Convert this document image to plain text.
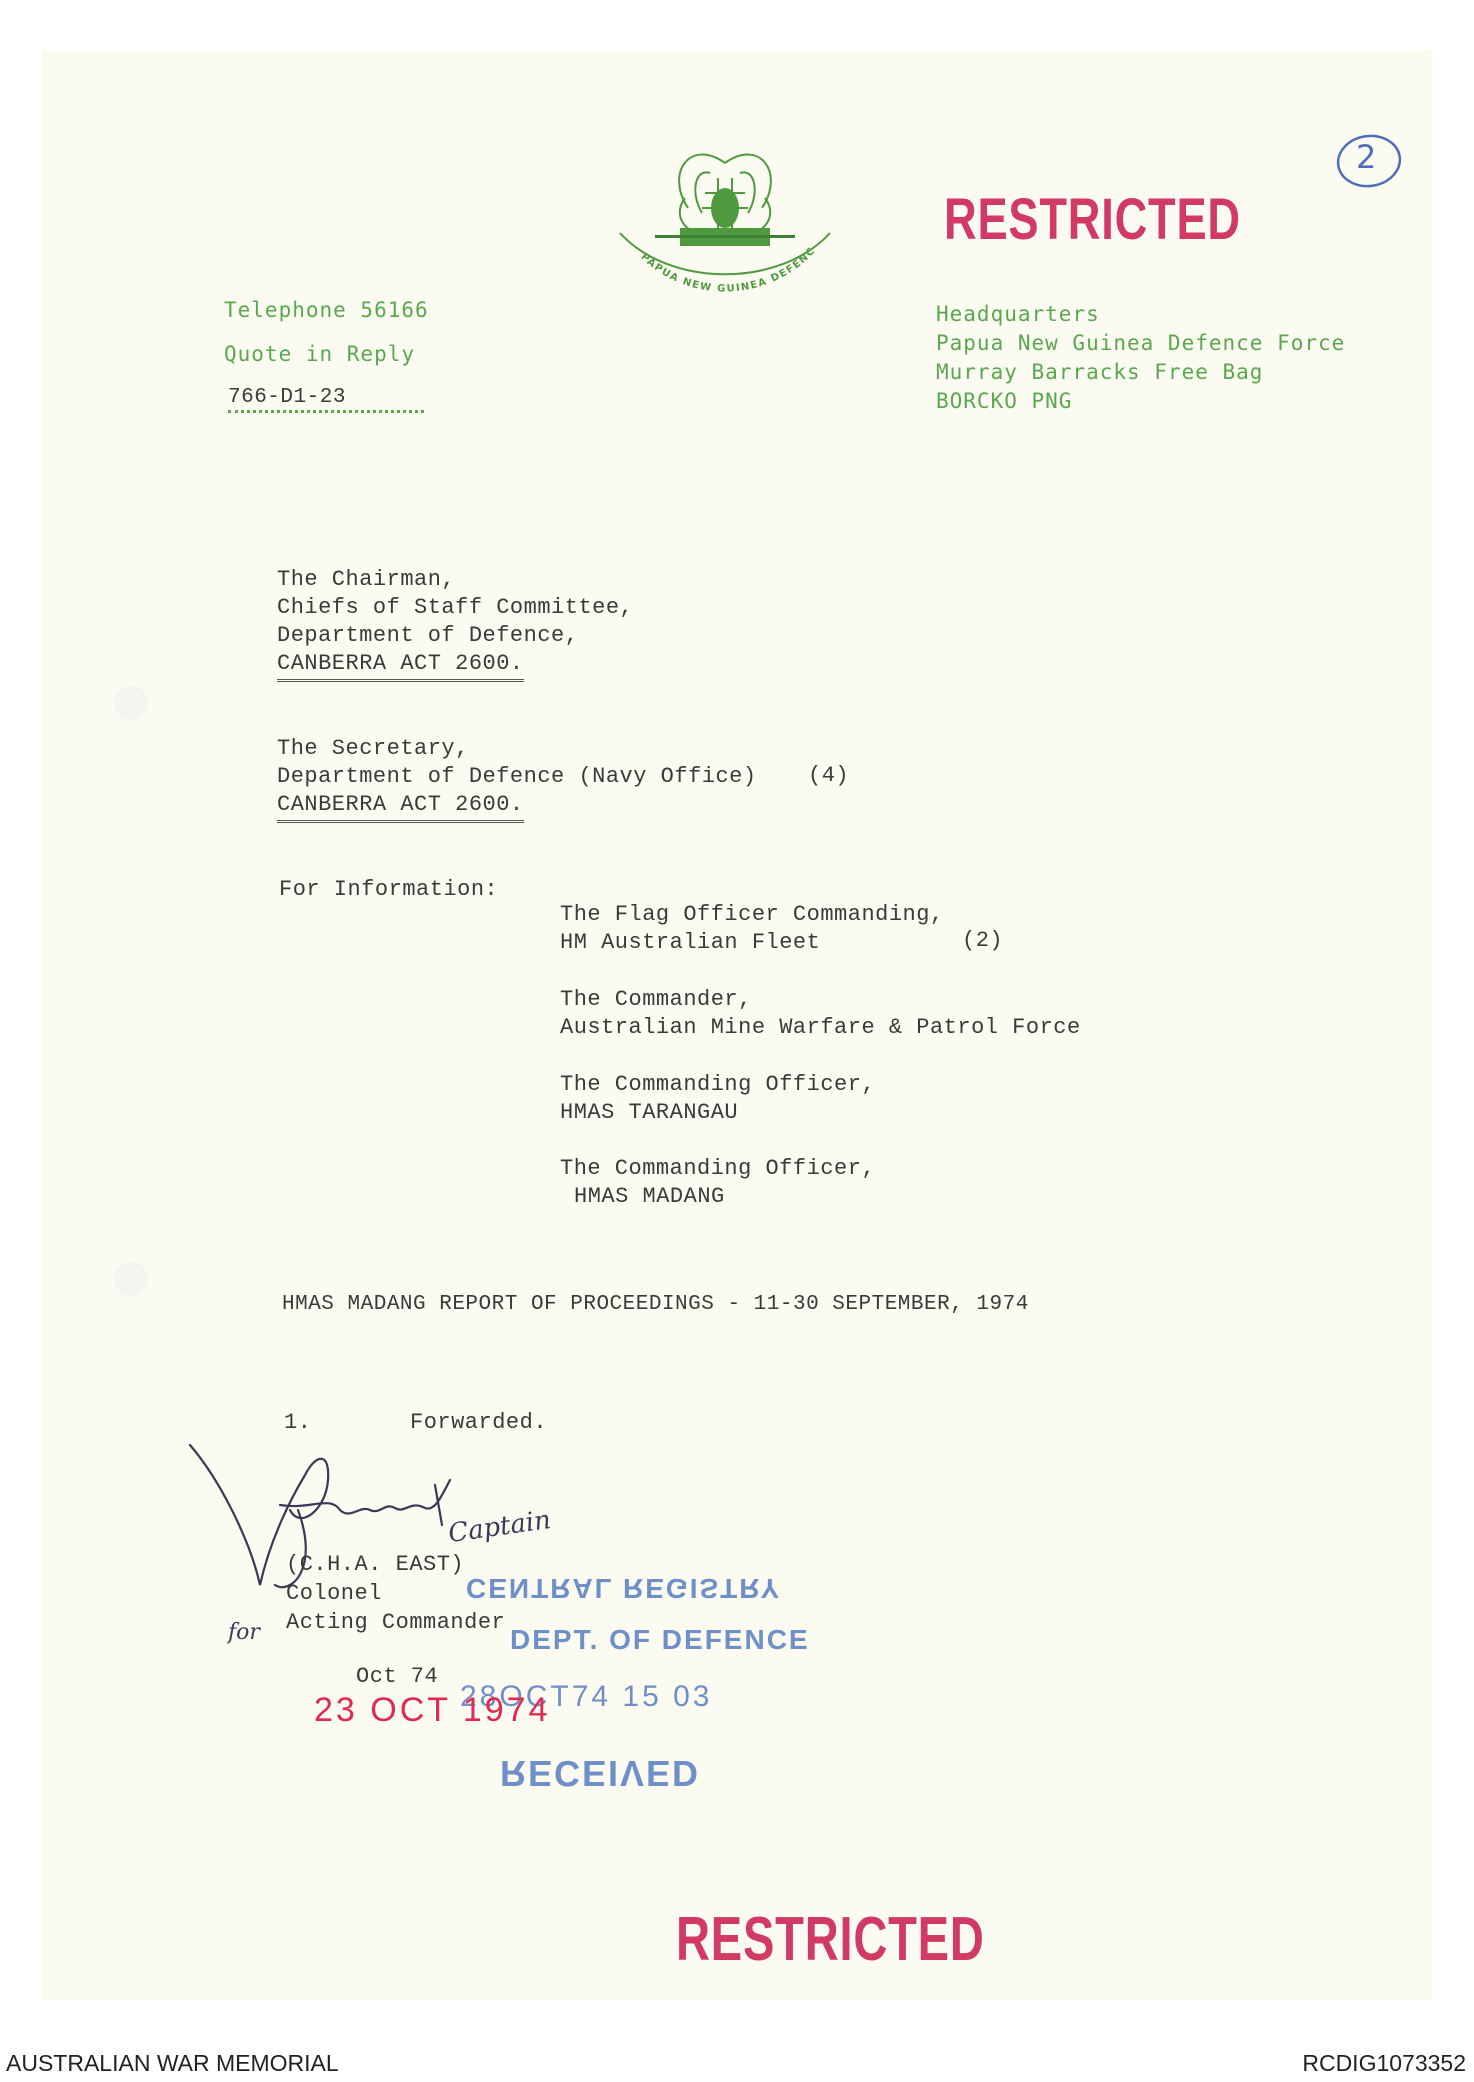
PAPUA NEW GUINEA DEFENC
RESTRICTED
2
Telephone 56166
Quote in Reply
766-D1-23
Headquarters
Papua New Guinea Defence Force
Murray Barracks Free Bag
BORCKO PNG
The Chairman,
Chiefs of Staff Committee,
Department of Defence,
CANBERRA ACT 2600.
The Secretary,
Department of Defence (Navy Office)
CANBERRA ACT 2600.
(4)
For Information:
The Flag Officer Commanding,
HM Australian Fleet	(2)
The Commander,
Australian Mine Warfare & Patrol Force
The Commanding Officer,
HMAS TARANGAU
The Commanding Officer,
HMAS MADANG
HMAS MADANG REPORT OF PROCEEDINGS - 11-30 SEPTEMBER, 1974
1.	Forwarded.
Captain
for
(C.H.A. EAST)
Colonel
Acting Commander
Oct 74
CENTRAL REGISTRY
DEPT. OF DEFENCE
28OCT74 15 03
RECEIVED
23 OCT 1974
RESTRICTED
AUSTRALIAN WAR MEMORIAL	RCDIG1073352
